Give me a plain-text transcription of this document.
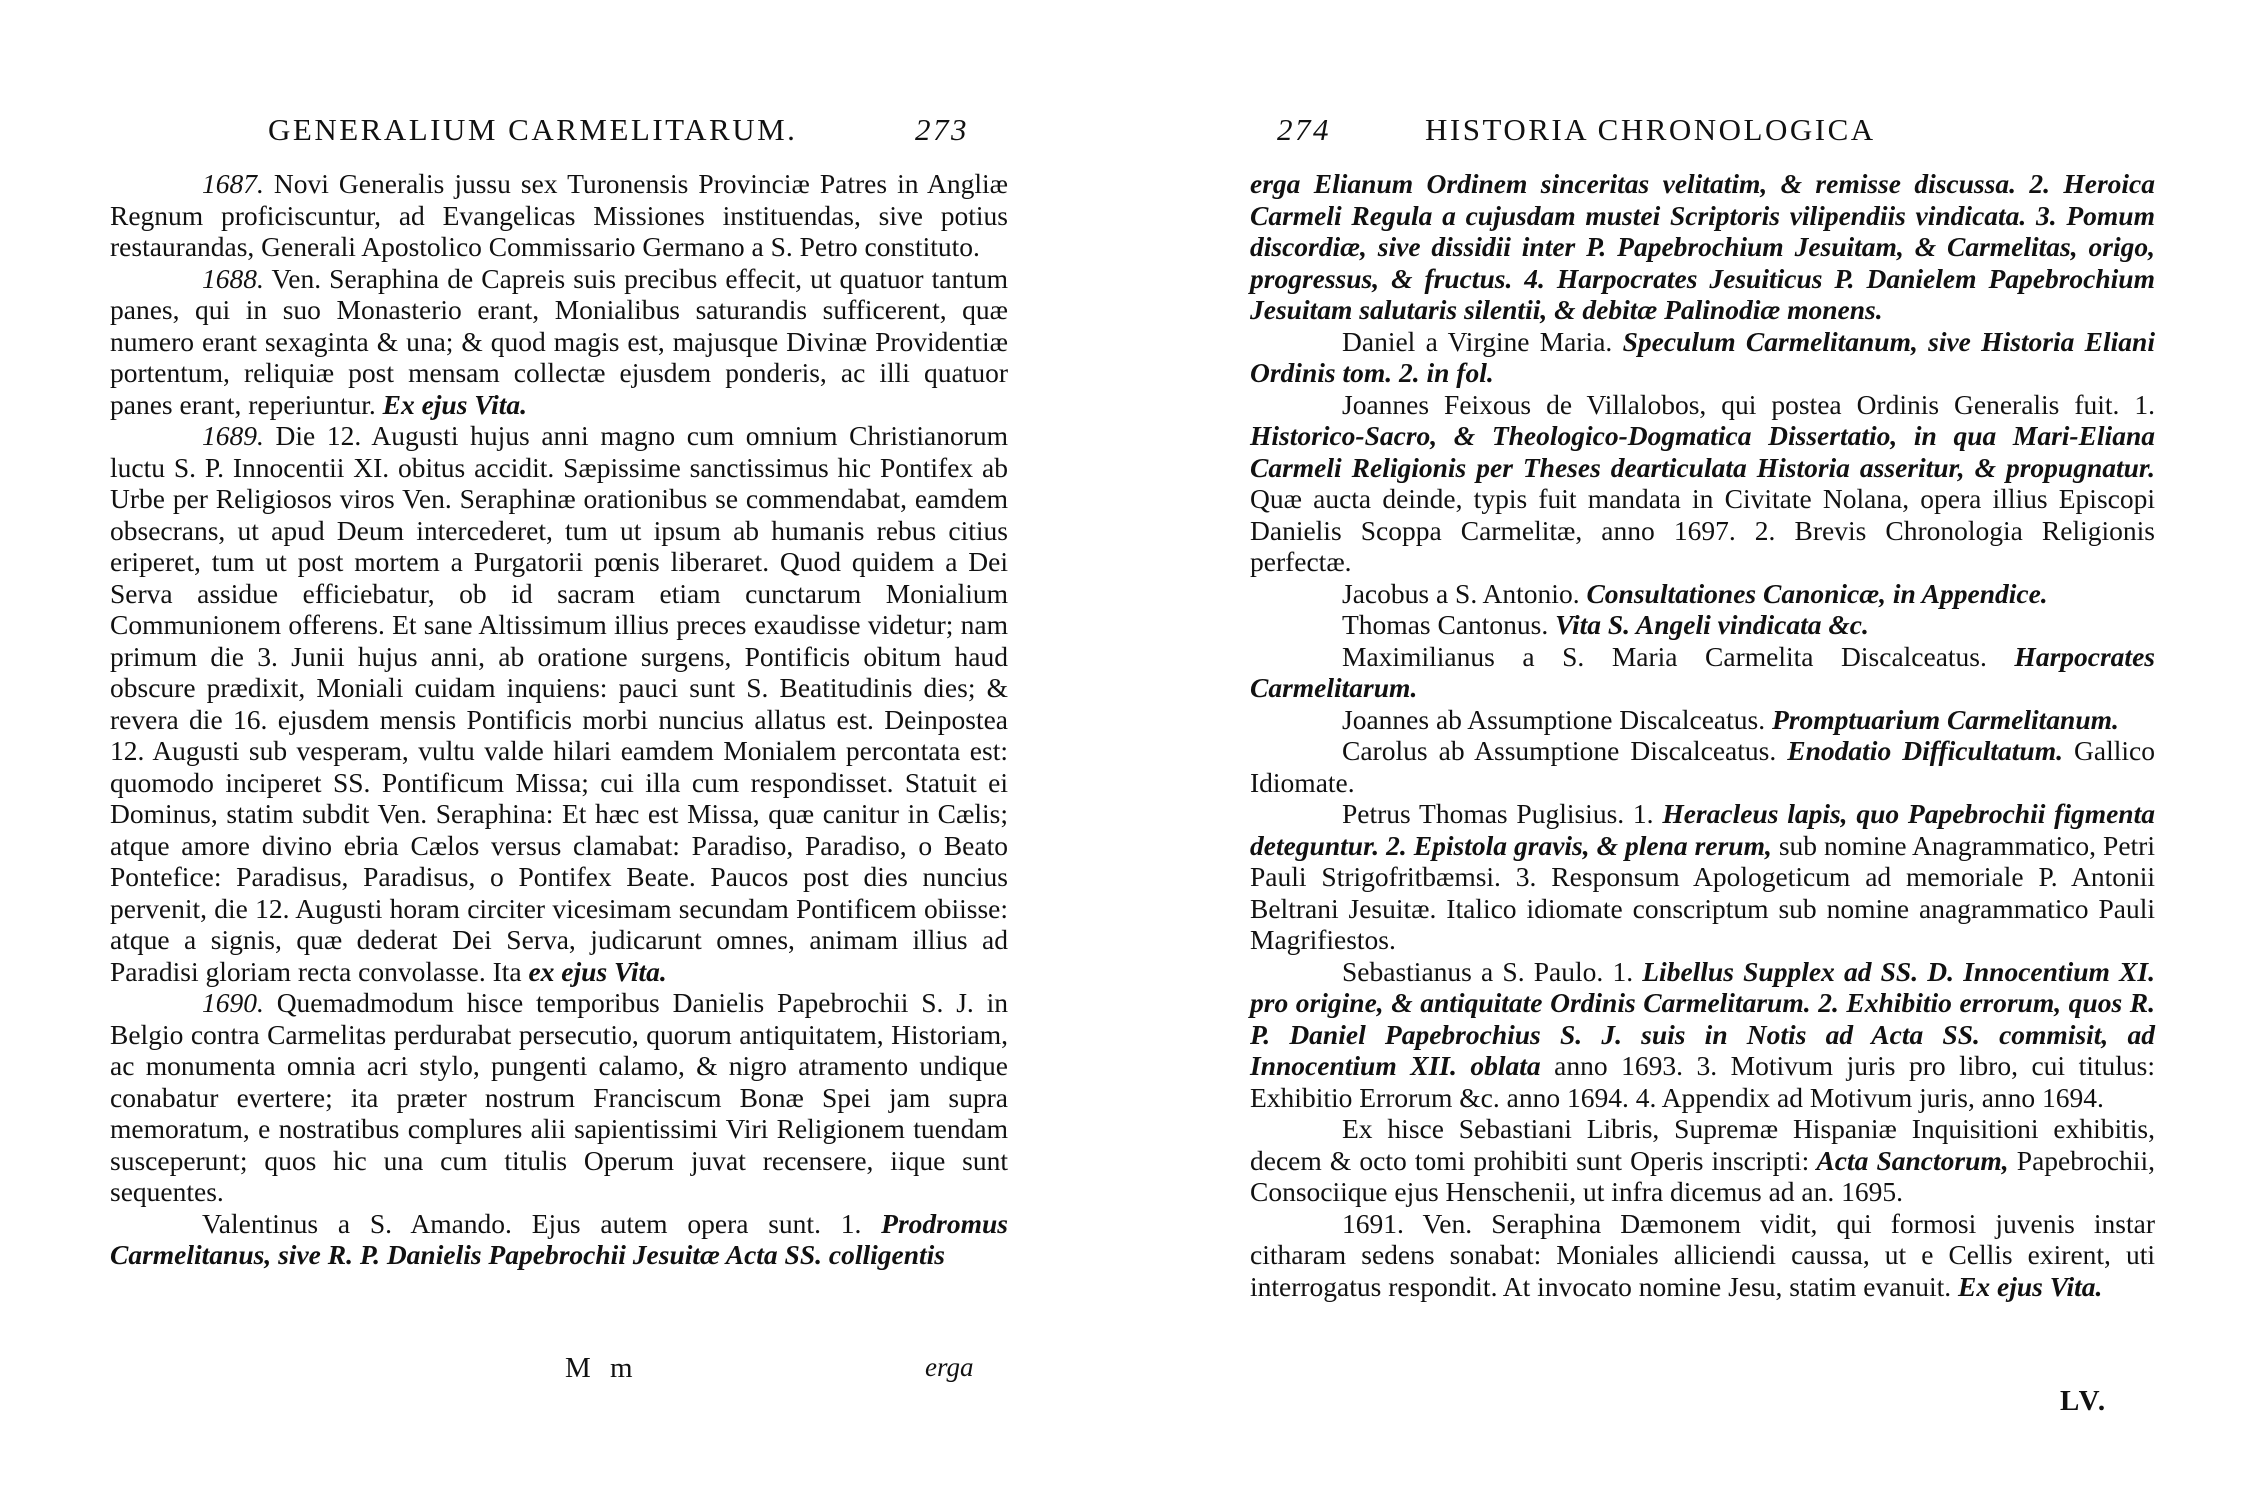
GENERALIUM CARMELITARUM.	273

1687. Novi Generalis jussu sex Turonensis Provinciæ Patres in Angliæ Regnum proficiscuntur, ad Evangelicas Missiones instituendas, sive potius restaurandas, Generali Apostolico Commissario Germano a S. Petro constituto.

1688. Ven. Seraphina de Capreis suis precibus effecit, ut quatuor tantum panes, qui in suo Monasterio erant, Monialibus saturandis sufficerent, quæ numero erant sexaginta & una; & quod magis est, majusque Divinæ Providentiæ portentum, reliquiæ post mensam collectæ ejusdem ponderis, ac illi quatuor panes erant, reperiuntur. Ex ejus Vita.

1689. Die 12. Augusti hujus anni magno cum omnium Christianorum luctu S. P. Innocentii XI. obitus accidit. Sæpissime sanctissimus hic Pontifex ab Urbe per Religiosos viros Ven. Seraphinæ orationibus se commendabat, eamdem obsecrans, ut apud Deum intercederet, tum ut ipsum ab humanis rebus citius eriperet, tum ut post mortem a Purgatorii pœnis liberaret. Quod quidem a Dei Serva assidue efficiebatur, ob id sacram etiam cunctarum Monialium Communionem offerens. Et sane Altissimum illius preces exaudisse videtur; nam primum die 3. Junii hujus anni, ab oratione surgens, Pontificis obitum haud obscure prædixit, Moniali cuidam inquiens: pauci sunt S. Beatitudinis dies; & revera die 16. ejusdem mensis Pontificis morbi nuncius allatus est. Deinpostea 12. Augusti sub vesperam, vultu valde hilari eamdem Monialem percontata est: quomodo inciperet SS. Pontificum Missa; cui illa cum respondisset. Statuit ei Dominus, statim subdit Ven. Seraphina: Et hæc est Missa, quæ canitur in Cælis; atque amore divino ebria Cælos versus clamabat: Paradiso, Paradiso, o Beato Pontefice: Paradisus, Paradisus, o Pontifex Beate. Paucos post dies nuncius pervenit, die 12. Augusti horam circiter vicesimam secundam Pontificem obiisse: atque a signis, quæ dederat Dei Serva, judicarunt omnes, animam illius ad Paradisi gloriam recta convolasse. Ita ex ejus Vita.

1690. Quemadmodum hisce temporibus Danielis Papebrochii S. J. in Belgio contra Carmelitas perdurabat persecutio, quorum antiquitatem, Historiam, ac monumenta omnia acri stylo, pungenti calamo, & nigro atramento undique conabatur evertere; ita præter nostrum Franciscum Bonæ Spei jam supra memoratum, e nostratibus complures alii sapientissimi Viri Religionem tuendam susceperunt; quos hic una cum titulis Operum juvat recensere, iique sunt sequentes.

Valentinus a S. Amando. Ejus autem opera sunt. 1. Prodromus Carmelitanus, sive R. P. Danielis Papebrochii Jesuitæ Acta SS. colligentis

M m	erga
274	HISTORIA CHRONOLOGICA

erga Elianum Ordinem sinceritas velitatim, & remisse discussa. 2. Heroica Carmeli Regula a cujusdam mustei Scriptoris vilipendiis vindicata. 3. Pomum discordiæ, sive dissidii inter P. Papebrochium Jesuitam, & Carmelitas, origo, progressus, & fructus. 4. Harpocrates Jesuiticus P. Danielem Papebrochium Jesuitam salutaris silentii, & debitæ Palinodiæ monens.

Daniel a Virgine Maria. Speculum Carmelitanum, sive Historia Eliani Ordinis tom. 2. in fol.

Joannes Feixous de Villalobos, qui postea Ordinis Generalis fuit. 1. Historico-Sacro, & Theologico-Dogmatica Dissertatio, in qua Mari-Eliana Carmeli Religionis per Theses dearticulata Historia asseritur, & propugnatur. Quæ aucta deinde, typis fuit mandata in Civitate Nolana, opera illius Episcopi Danielis Scoppa Carmelitæ, anno 1697. 2. Brevis Chronologia Religionis perfectæ.

Jacobus a S. Antonio. Consultationes Canonicæ, in Appendice.

Thomas Cantonus. Vita S. Angeli vindicata &c.

Maximilianus a S. Maria Carmelita Discalceatus. Harpocrates Carmelitarum.

Joannes ab Assumptione Discalceatus. Promptuarium Carmelitanum.

Carolus ab Assumptione Discalceatus. Enodatio Difficultatum. Gallico Idiomate.

Petrus Thomas Puglisius. 1. Heracleus lapis, quo Papebrochii figmenta deteguntur. 2. Epistola gravis, & plena rerum, sub nomine Anagrammatico, Petri Pauli Strigofritbæmsi. 3. Responsum Apologeticum ad memoriale P. Antonii Beltrani Jesuitæ. Italico idiomate conscriptum sub nomine anagrammatico Pauli Magrifiestos.

Sebastianus a S. Paulo. 1. Libellus Supplex ad SS. D. Innocentium XI. pro origine, & antiquitate Ordinis Carmelitarum. 2. Exhibitio errorum, quos R. P. Daniel Papebrochius S. J. suis in Notis ad Acta SS. commisit, ad Innocentium XII. oblata anno 1693. 3. Motivum juris pro libro, cui titulus: Exhibitio Errorum &c. anno 1694. 4. Appendix ad Motivum juris, anno 1694.

Ex hisce Sebastiani Libris, Supremæ Hispaniæ Inquisitioni exhibitis, decem & octo tomi prohibiti sunt Operis inscripti: Acta Sanctorum, Papebrochii, Consociique ejus Henschenii, ut infra dicemus ad an. 1695.

1691. Ven. Seraphina Dæmonem vidit, qui formosi juvenis instar citharam sedens sonabat: Moniales alliciendi caussa, ut e Cellis exirent, uti interrogatus respondit. At invocato nomine Jesu, statim evanuit. Ex ejus Vita.

LV.
